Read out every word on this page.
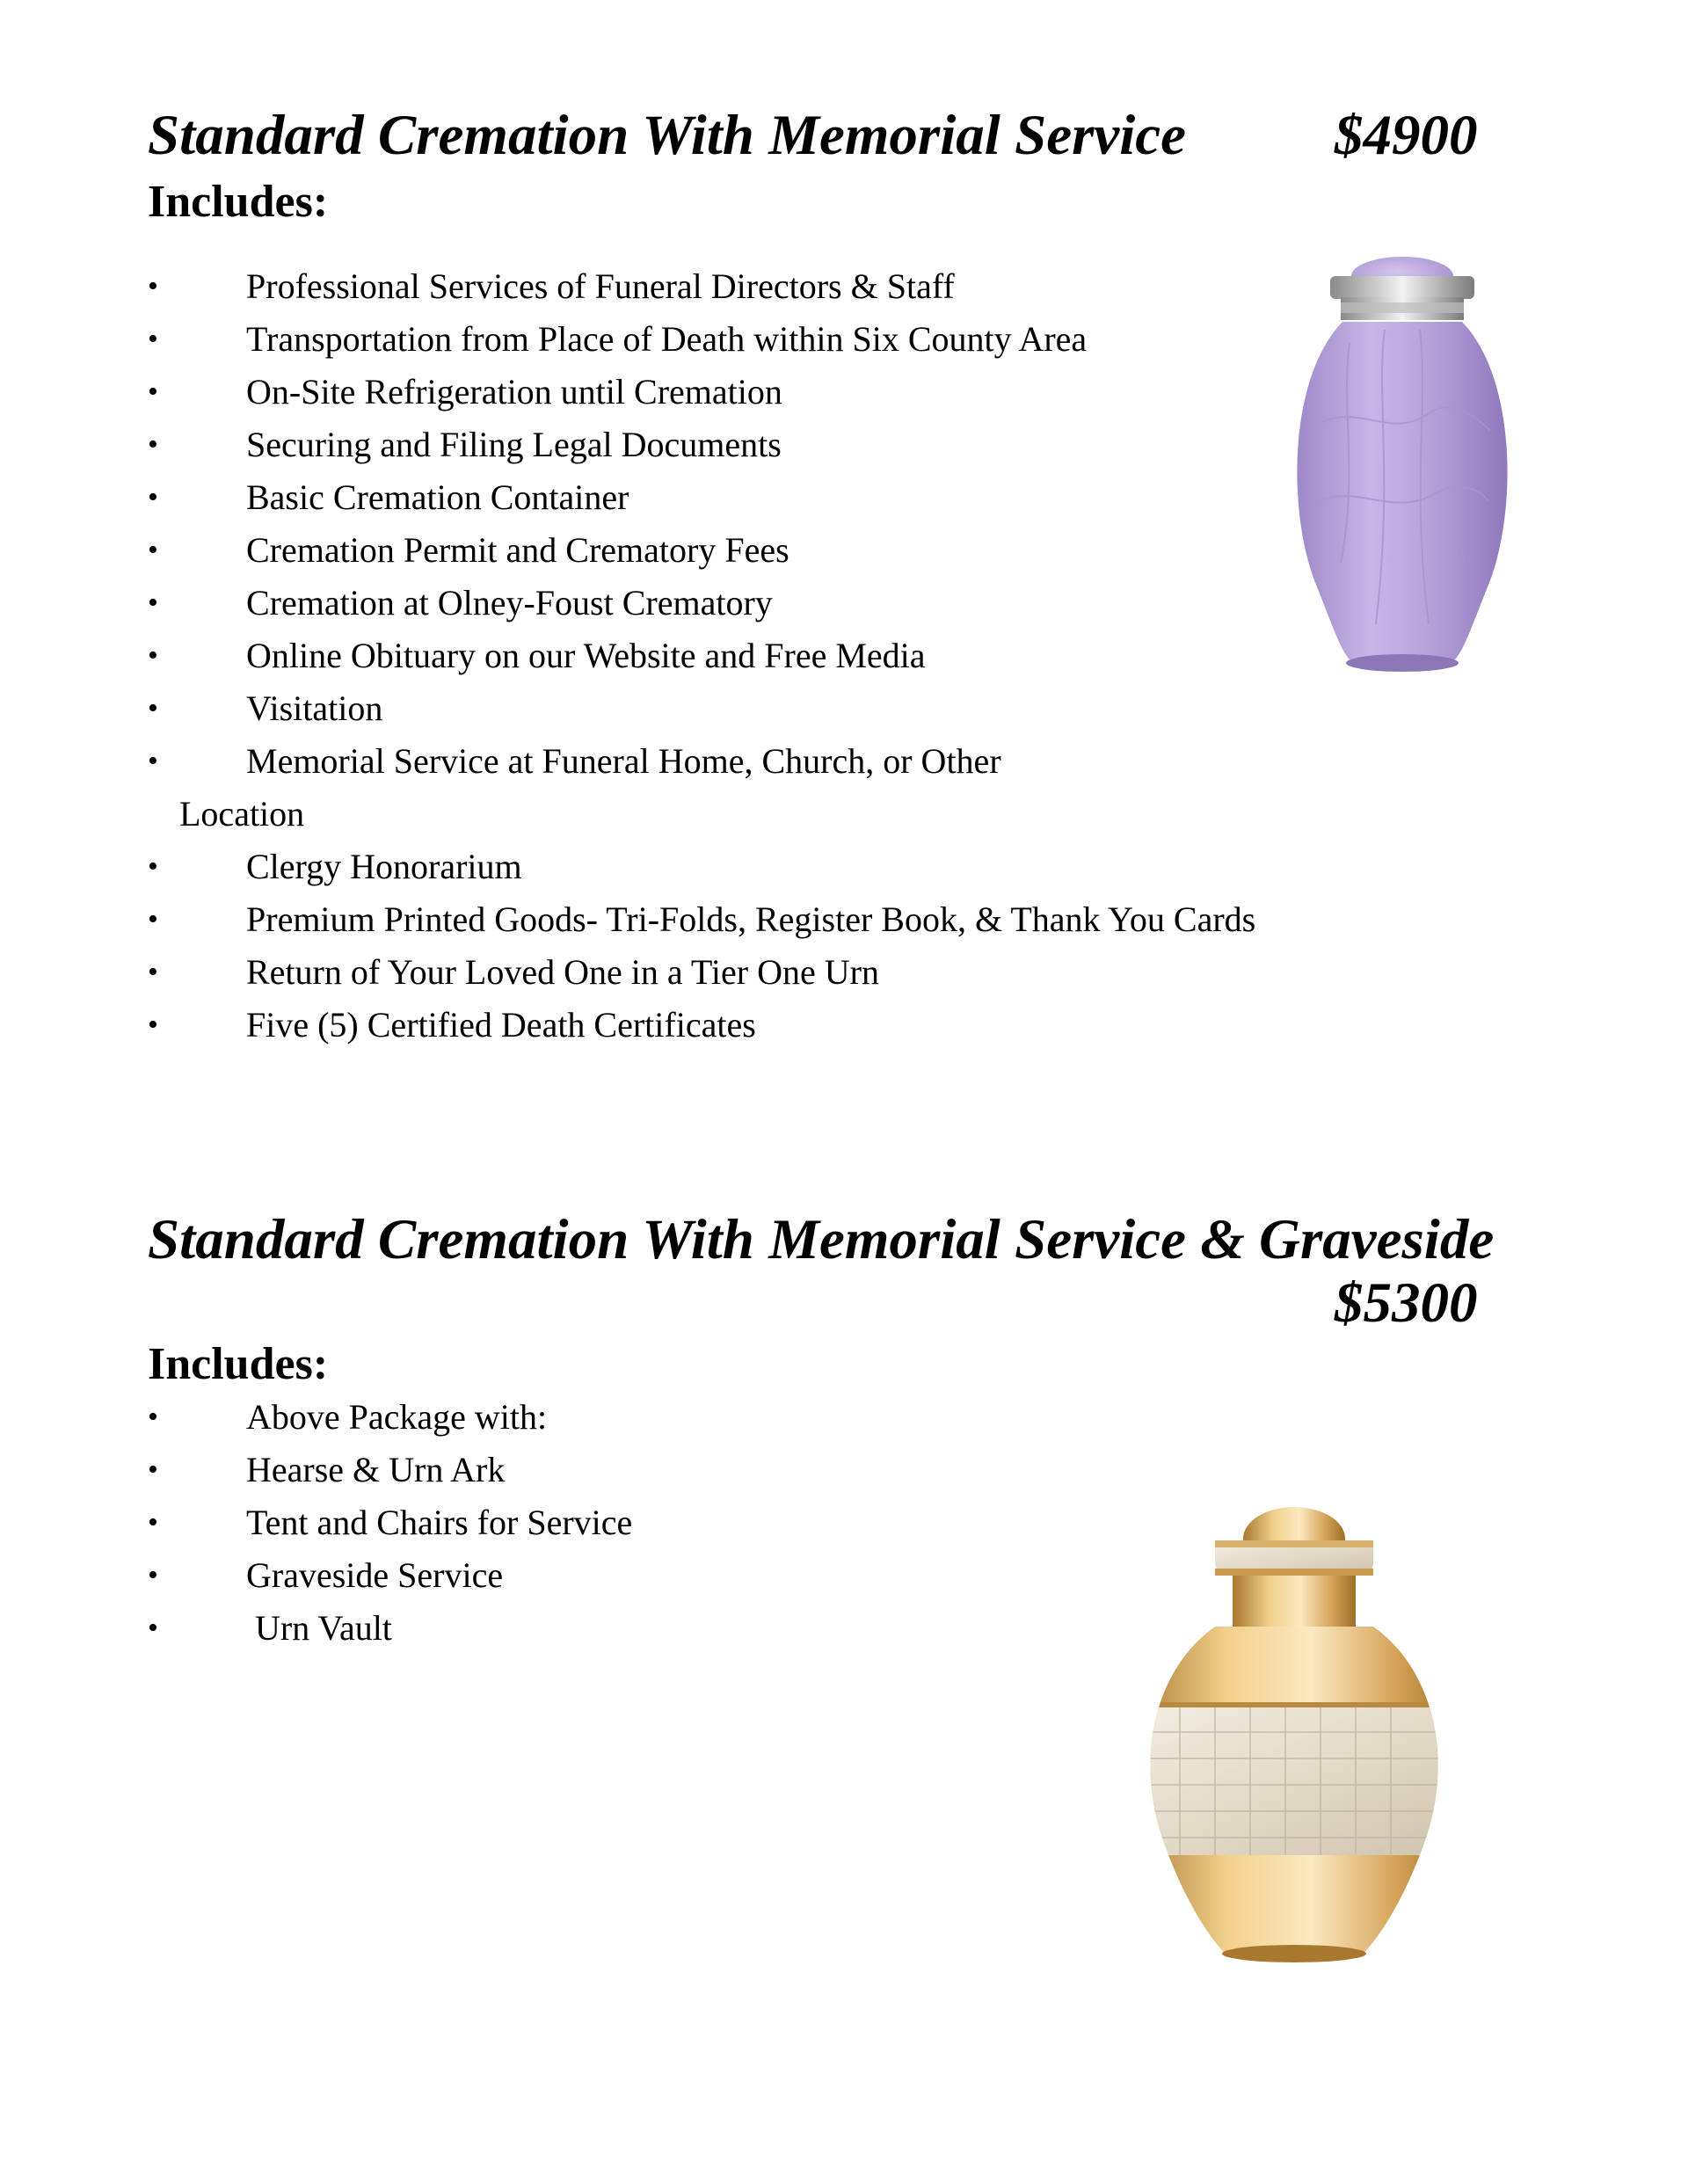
Standard Cremation With Memorial Service	$4900
Includes:
•	Professional Services of Funeral Directors & Staff
•	Transportation from Place of Death within Six County Area
•	On-Site Refrigeration until Cremation
•	Securing and Filing Legal Documents
•	Basic Cremation Container
•	Cremation Permit and Crematory Fees
•	Cremation at Olney-Foust Crematory
•	Online Obituary on our Website and Free Media
•	Visitation
•	Memorial Service at Funeral Home, Church, or Other
Location
•	Clergy Honorarium
•	Premium Printed Goods- Tri-Folds, Register Book, & Thank You Cards
•	Return of Your Loved One in a Tier One Urn
•	Five (5) Certified Death Certificates
Standard Cremation With Memorial Service & Graveside
$5300
Includes:
•	Above Package with:
•	Hearse & Urn Ark
•	Tent and Chairs for Service
•	Graveside Service
•	Urn Vault
